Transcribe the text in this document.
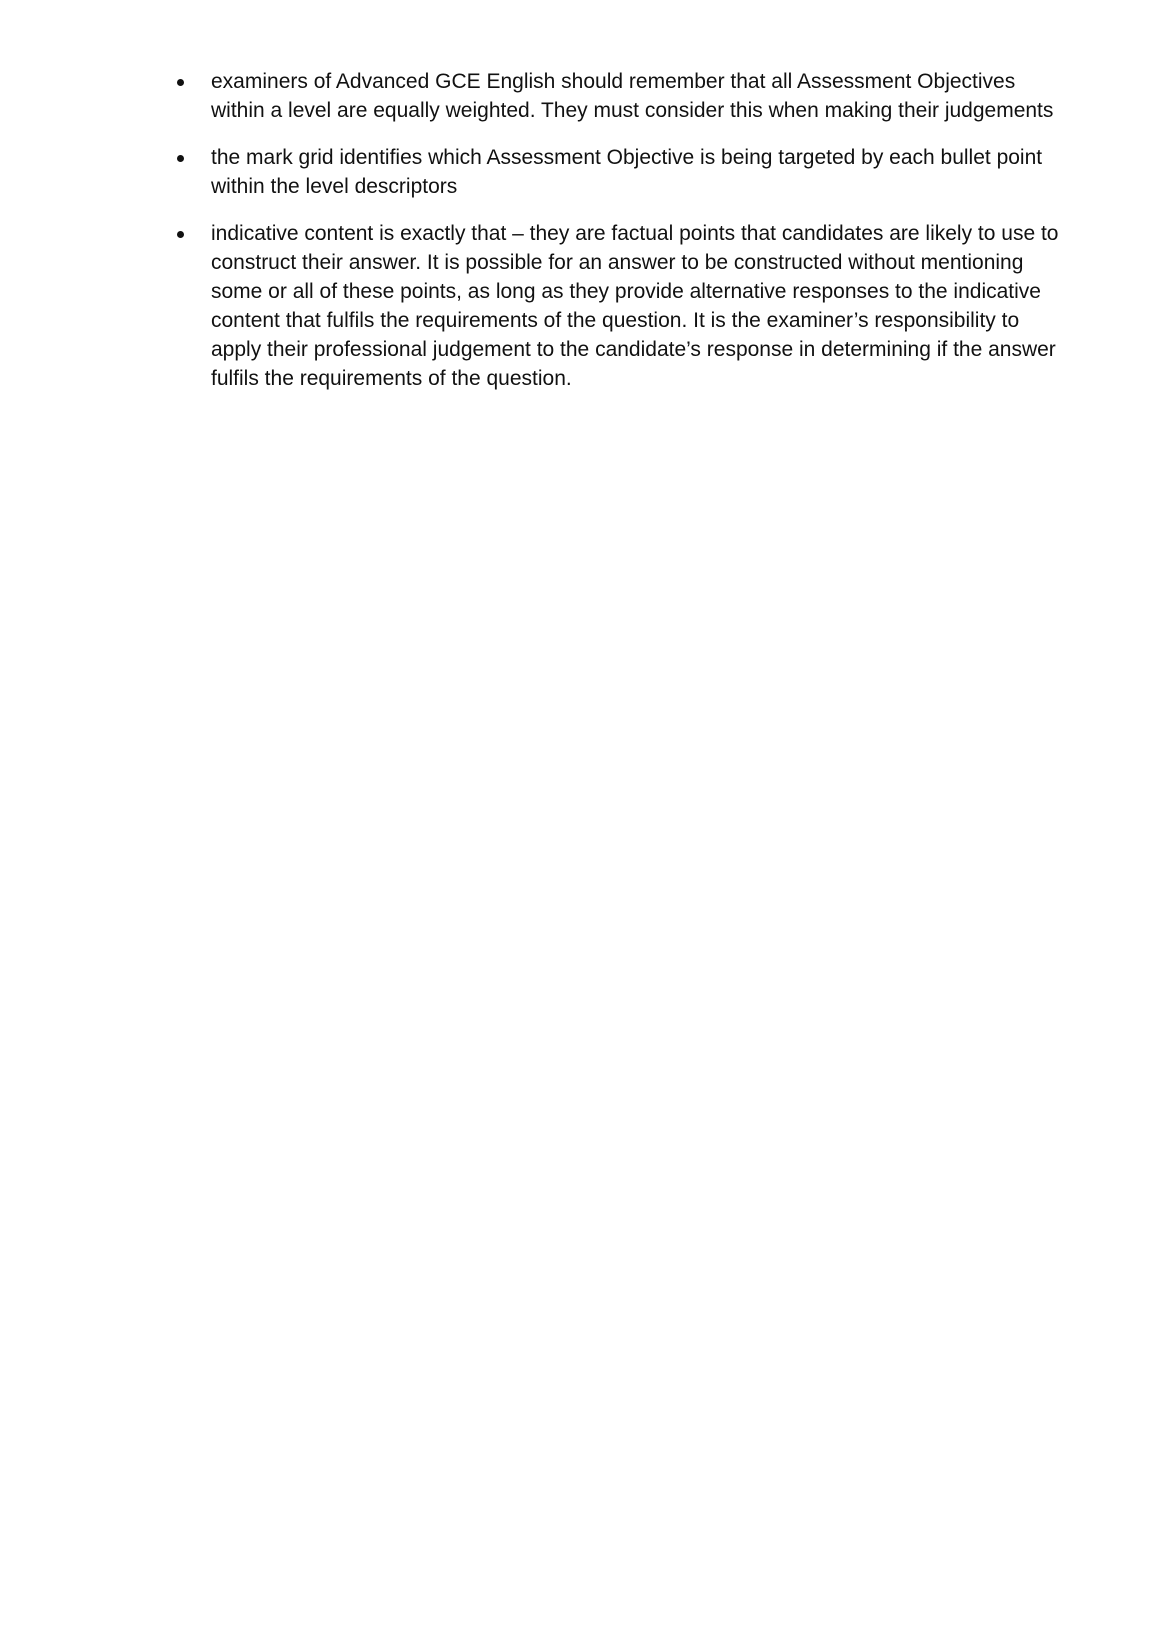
examiners of Advanced GCE English should remember that all Assessment Objectives within a level are equally weighted. They must consider this when making their judgements
the mark grid identifies which Assessment Objective is being targeted by each bullet point within the level descriptors
indicative content is exactly that – they are factual points that candidates are likely to use to construct their answer. It is possible for an answer to be constructed without mentioning some or all of these points, as long as they provide alternative responses to the indicative content that fulfils the requirements of the question. It is the examiner’s responsibility to apply their professional judgement to the candidate’s response in determining if the answer fulfils the requirements of the question.
